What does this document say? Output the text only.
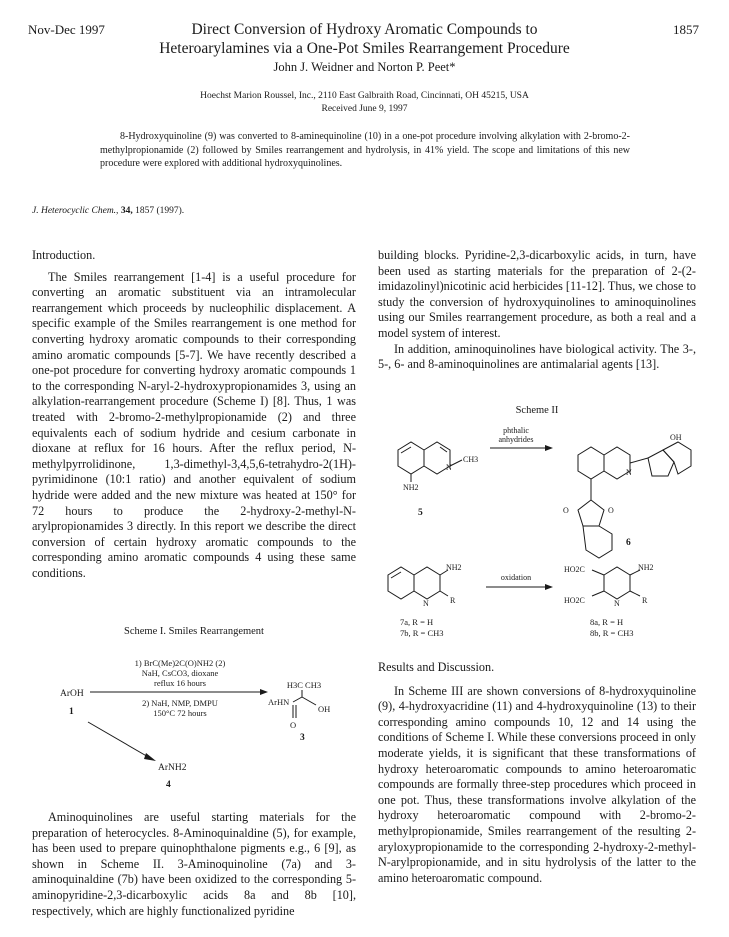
Nov-Dec 1997	1857
Direct Conversion of Hydroxy Aromatic Compounds to
Heteroarylamines via a One-Pot Smiles Rearrangement Procedure
John J. Weidner and Norton P. Peet*
Hoechst Marion Roussel, Inc., 2110 East Galbraith Road, Cincinnati, OH 45215, USA
Received June 9, 1997
8-Hydroxyquinoline (9) was converted to 8-aminequinoline (10) in a one-pot procedure involving alkylation with 2-bromo-2-methylpropionamide (2) followed by Smiles rearrangement and hydrolysis, in 41% yield. The scope and limitations of this new procedure were explored with additional hydroxyquinolines.
J. Heterocyclic Chem., 34, 1857 (1997).

Introduction.

The Smiles rearrangement [1-4] is a useful procedure for converting an aromatic substituent via an intramolecular rearrangement which proceeds by nucleophilic displacement. A specific example of the Smiles rearrangement is one method for converting hydroxy aromatic compounds to their corresponding amino aromatic compounds [5-7]. We have recently described a one-pot procedure for converting hydroxy aromatic compounds 1 to the corresponding N-aryl-2-hydroxypropionamides 3, using an alkylation-rearrangement procedure (Scheme I) [8]. Thus, 1 was treated with 2-bromo-2-methylpropionamide (2) and three equivalents each of sodium hydride and cesium carbonate in dioxane at reflux for 16 hours. After the reflux period, N-methylpyrrolidinone, 1,3-dimethyl-3,4,5,6-tetrahydro-2(1H)-pyrimidinone (10:1 ratio) and another equivalent of sodium hydride were added and the new mixture was heated at 150° for 72 hours to produce the 2-hydroxy-2-methyl-N-arylpropionamides 3 directly. In this report we describe the direct conversion of certain hydroxy aromatic compounds to the corresponding amino aromatic compounds 4 using these same conditions.

Scheme I. Smiles Rearrangement
1) BrC(Me)2C(O)NH2 (2)
NaH, CsCO3, dioxane
reflux 16 hours
2) NaH, NMP, DMPU
150°C 72 hours
ArOH
1
H3C CH3
ArHN
O
OH
3
ArNH2
4

Aminoquinolines are useful starting materials for the preparation of heterocycles. 8-Aminoquinaldine (5), for example, has been used to prepare quinophthalone pigments e.g., 6 [9], as shown in Scheme II. 3-Aminoquinoline (7a) and 3-aminoquinaldine (7b) have been oxidized to the corresponding 5-aminopyridine-2,3-dicarboxylic acids 8a and 8b [10], respectively, which are highly functionalized pyridine

building blocks. Pyridine-2,3-dicarboxylic acids, in turn, have been used as starting materials for the preparation of 2-(2-imidazolinyl)nicotinic acid herbicides [11-12]. Thus, we chose to study the conversion of hydroxyquinolines to aminoquinolines using our Smiles rearrangement procedure, as both a real and a model system of interest.

In addition, aminoquinolines have biological activity. The 3-, 5-, 6- and 8-aminoquinolines are antimalarial agents [13].

Scheme II
N
CH3
NH2
5
phthalic
anhydrides
N
OH
O	O
6
NH2
N	R
7a, R = H
7b, R = CH3
oxidation
HO2C
HO2C
NH2
N	R
8a, R = H
8b, R = CH3

Results and Discussion.

In Scheme III are shown conversions of 8-hydroxyquinoline (9), 4-hydroxyacridine (11) and 4-hydroxyquinoline (13) to their corresponding amino compounds 10, 12 and 14 using the conditions of Scheme I. While these conversions proceed in only moderate yields, it is significant that these transformations of hydroxy heteroaromatic compounds to amino heteroaromatic compounds are formally three-step procedures which proceed in one pot. Thus, these transformations involve alkylation of the hydroxy heteroaromatic compound with 2-bromo-2-methylpropionamide, Smiles rearrangement of the resulting 2-aryloxypropionamide to the corresponding 2-hydroxy-2-methyl-N-arylpropionamide, and in situ hydrolysis of the latter to the amino heteroaromatic compound.
